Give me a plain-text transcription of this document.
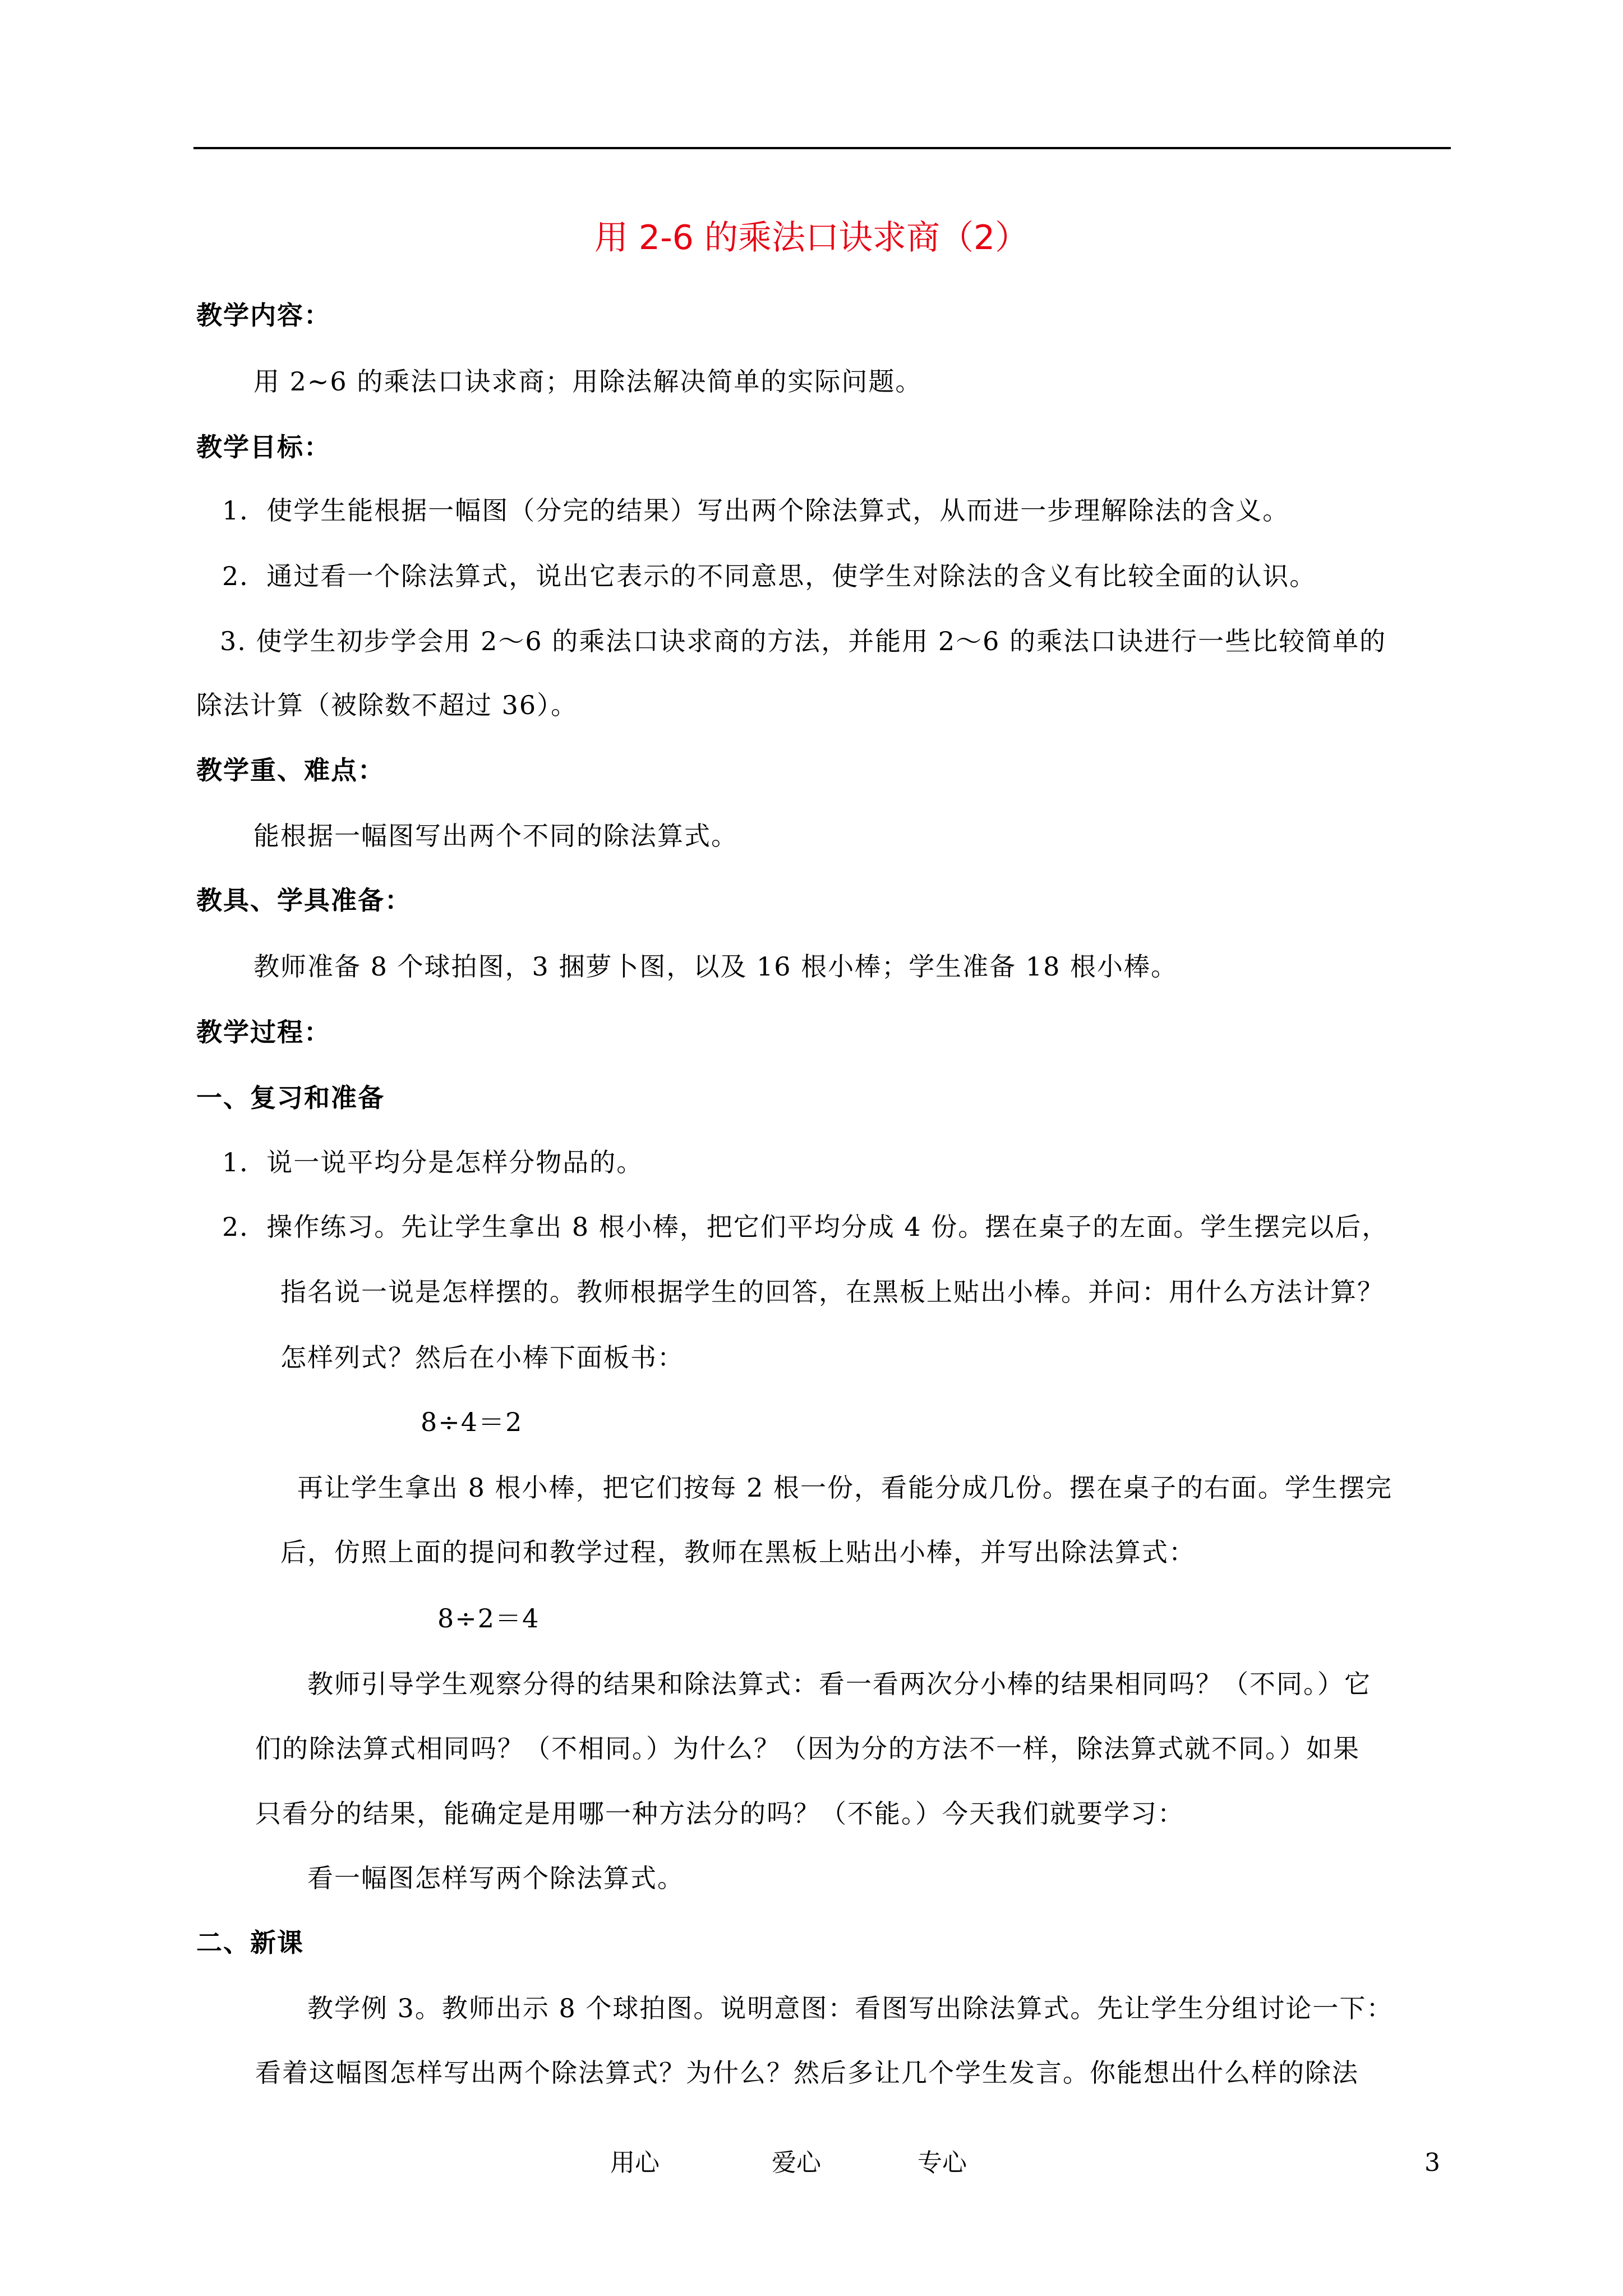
用 2-6 的乘法口诀求商（2）
教学内容：
用 2~6 的乘法口诀求商；用除法解决简单的实际问题。
教学目标：
1．使学生能根据一幅图（分完的结果）写出两个除法算式，从而进一步理解除法的含义。
2．通过看一个除法算式，说出它表示的不同意思，使学生对除法的含义有比较全面的认识。
3. 使学生初步学会用 2～6 的乘法口诀求商的方法，并能用 2～6 的乘法口诀进行一些比较简单的
除法计算（被除数不超过 36）。
教学重、难点：
能根据一幅图写出两个不同的除法算式。
教具、学具准备：
教师准备 8 个球拍图，3 捆萝卜图，以及 16 根小棒；学生准备 18 根小棒。
教学过程：
一、复习和准备
1．说一说平均分是怎样分物品的。
2．操作练习。先让学生拿出 8 根小棒，把它们平均分成 4 份。摆在桌子的左面。学生摆完以后，
指名说一说是怎样摆的。教师根据学生的回答，在黑板上贴出小棒。并问：用什么方法计算？
怎样列式？然后在小棒下面板书：
8÷4＝2
再让学生拿出 8 根小棒，把它们按每 2 根一份，看能分成几份。摆在桌子的右面。学生摆完
后，仿照上面的提问和教学过程，教师在黑板上贴出小棒，并写出除法算式：
8÷2＝4
教师引导学生观察分得的结果和除法算式：看一看两次分小棒的结果相同吗？（不同。）它
们的除法算式相同吗？（不相同。）为什么？（因为分的方法不一样，除法算式就不同。）如果
只看分的结果，能确定是用哪一种方法分的吗？（不能。）今天我们就要学习：
看一幅图怎样写两个除法算式。
二、新课
教学例 3。教师出示 8 个球拍图。说明意图：看图写出除法算式。先让学生分组讨论一下：
看着这幅图怎样写出两个除法算式？为什么？然后多让几个学生发言。你能想出什么样的除法
用心	爱心	专心	3
